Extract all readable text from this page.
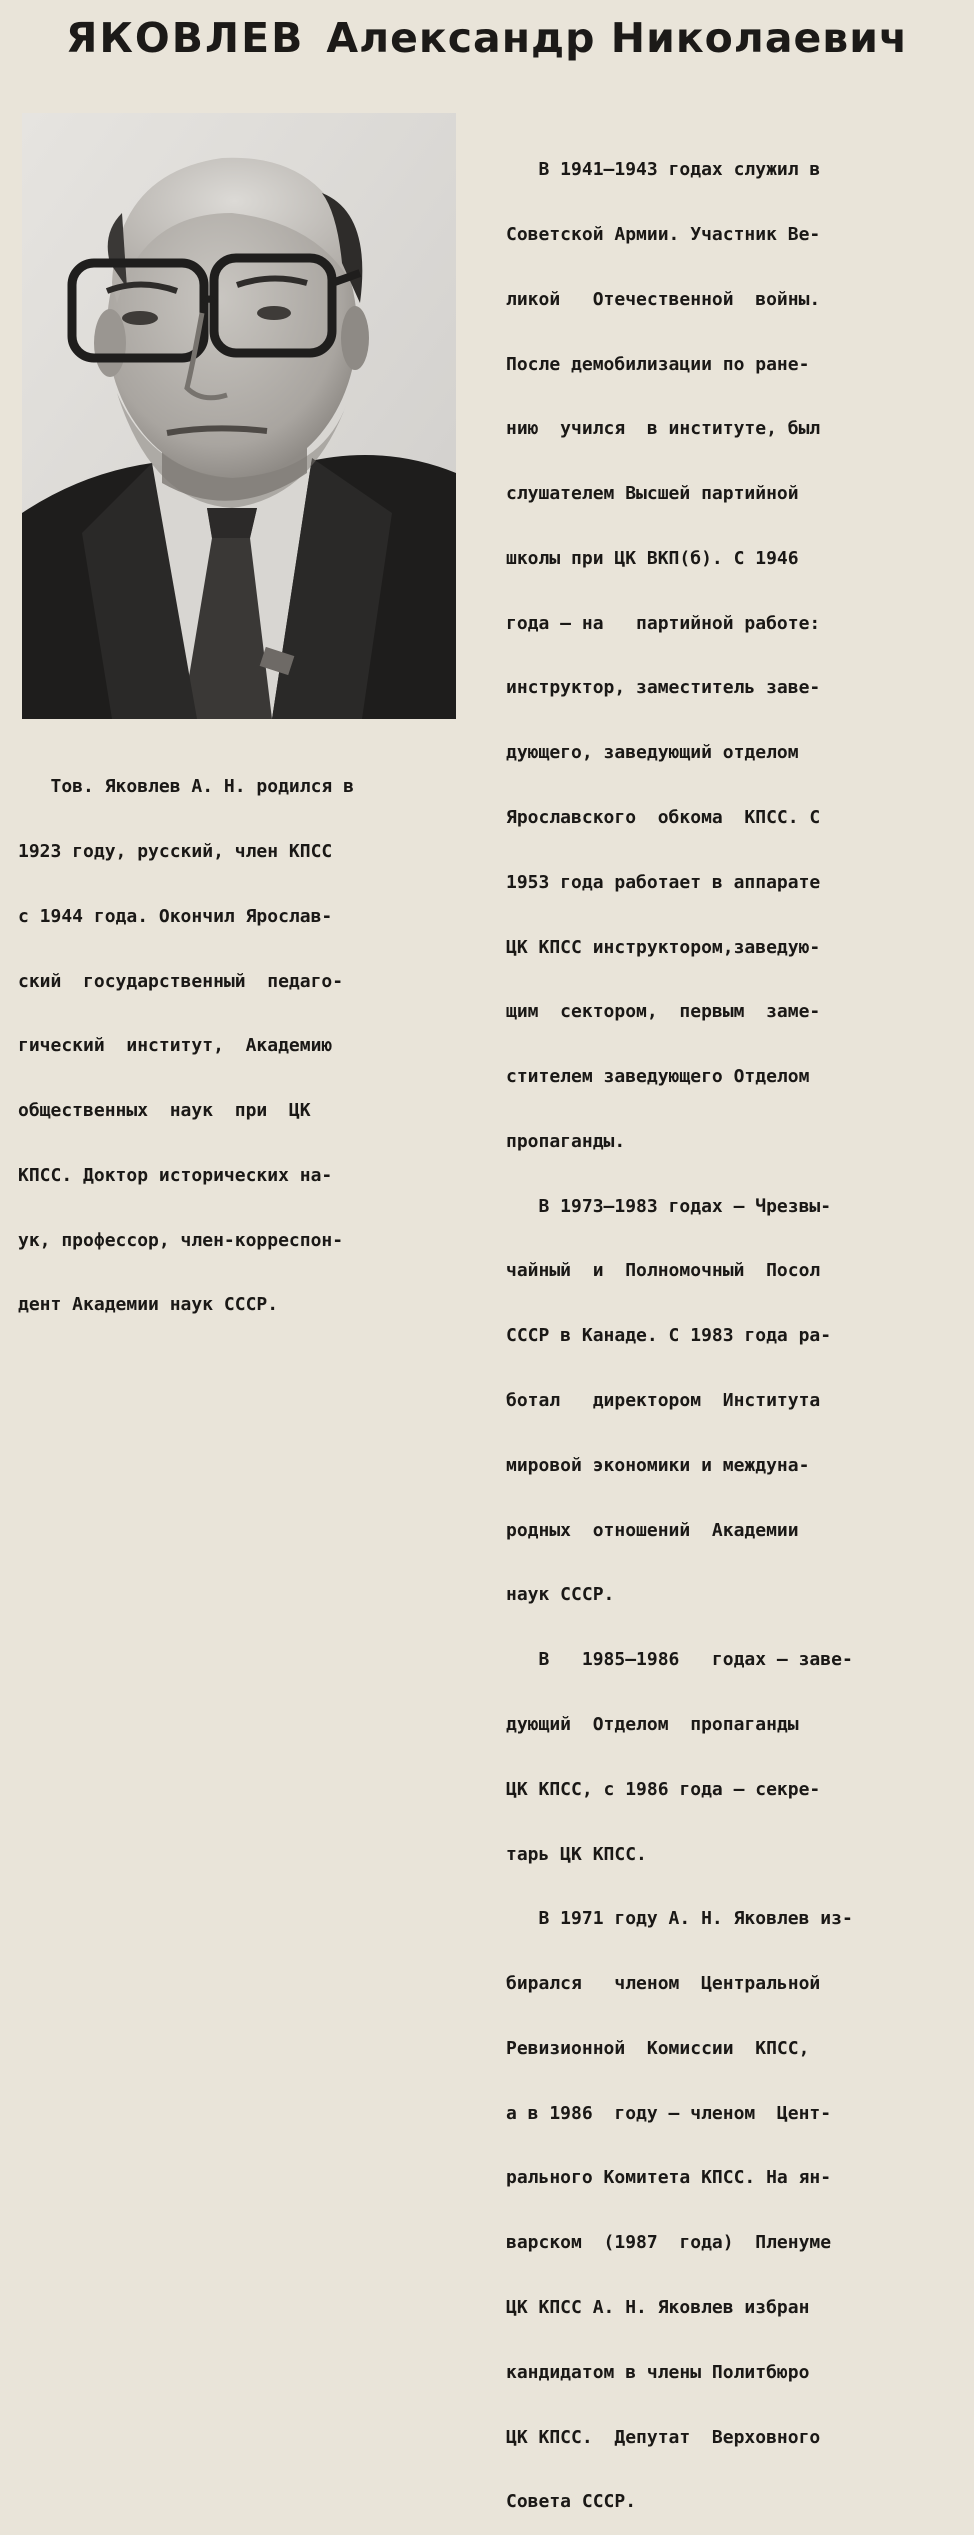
ЯКОВЛЕВ Александр Николаевич

Тов. Яковлев А. Н. родился в

1923 году, русский, член КПСС

с 1944 года. Окончил Ярослав-

ский  государственный  педаго-

гический  институт,  Академию

общественных  наук  при  ЦК

КПСС. Доктор исторических на-

ук, профессор, член-корреспон-

дент Академии наук СССР.

В 1941—1943 годах служил в

Советской Армии. Участник Ве-

ликой   Отечественной  войны.

После демобилизации по ране-

нию  учился  в институте, был

слушателем Высшей партийной

школы при ЦК ВКП(б). С 1946

года — на   партийной работе:

инструктор, заместитель заве-

дующего, заведующий отделом

Ярославского  обкома  КПСС. С

1953 года работает в аппарате

ЦК КПСС инструктором,заведую-

щим  сектором,  первым  заме-

стителем заведующего Отделом

пропаганды.

В 1973—1983 годах — Чрезвы-

чайный  и  Полномочный  Посол

СССР в Канаде. С 1983 года ра-

ботал   директором  Института

мировой экономики и междуна-

родных  отношений  Академии

наук СССР.

В   1985—1986   годах — заве-

дующий  Отделом  пропаганды

ЦК КПСС, с 1986 года — секре-

тарь ЦК КПСС.

В 1971 году А. Н. Яковлев из-

бирался   членом  Центральной

Ревизионной  Комиссии  КПСС,

а в 1986  году — членом  Цент-

рального Комитета КПСС. На ян-

варском  (1987  года)  Пленуме

ЦК КПСС А. Н. Яковлев избран

кандидатом в члены Политбюро

ЦК КПСС.  Депутат  Верховного

Совета СССР.
